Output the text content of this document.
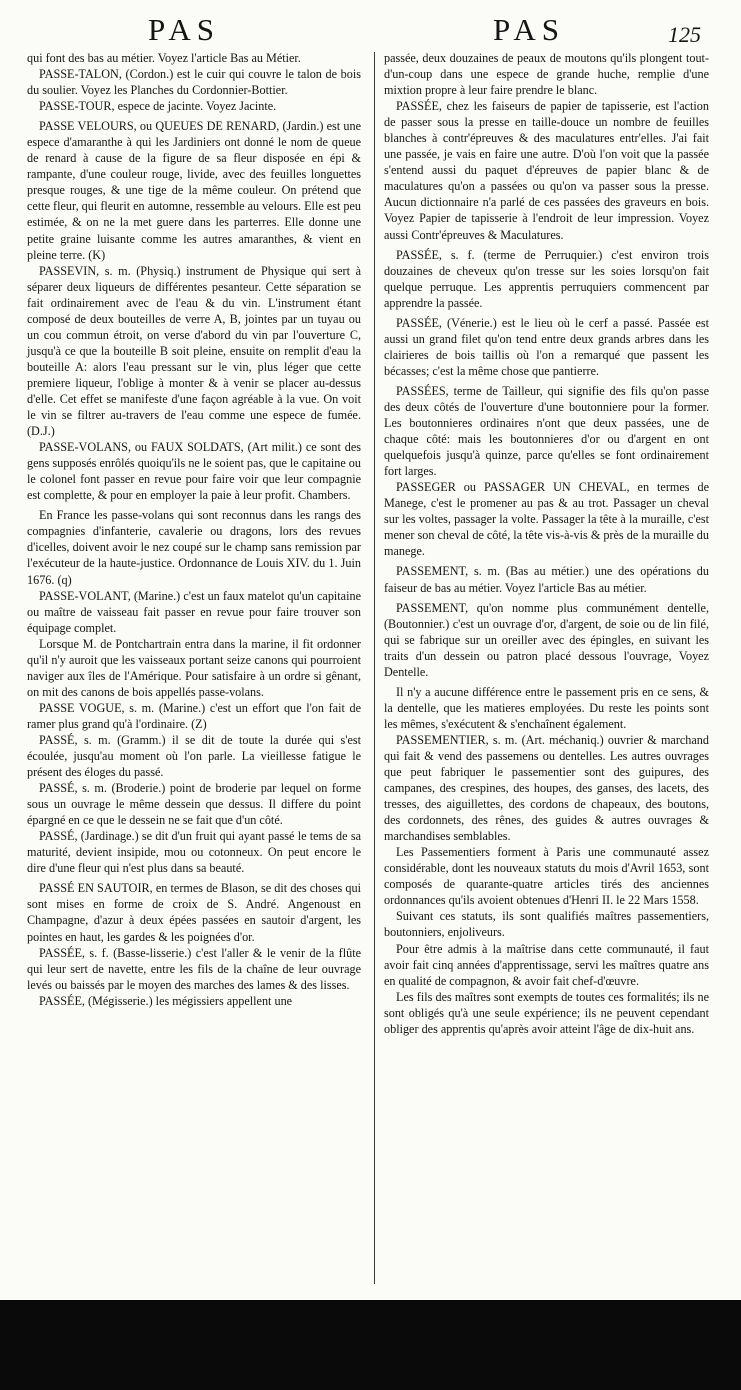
PAS	PAS	125

qui font des bas au métier. Voyez l'article Bas au Métier.

PASSE-TALON, (Cordon.) est le cuir qui couvre le talon de bois du soulier. Voyez les Planches du Cordonnier-Bottier.

PASSE-TOUR, espece de jacinte. Voyez Jacinte.

PASSE VELOURS, ou QUEUES DE RENARD, (Jardin.) est une espece d'amaranthe à qui les Jardiniers ont donné le nom de queue de renard à cause de la figure de sa fleur disposée en épi & rampante, d'une couleur rouge, livide, avec des feuilles longuettes presque rouges, & une tige de la même couleur. On prétend que cette fleur, qui fleurit en automne, ressemble au velours. Elle est peu estimée, & on ne la met guere dans les parterres. Elle donne une petite graine luisante comme les autres amaranthes, & vient en pleine terre. (K)

PASSEVIN, s. m. (Physiq.) instrument de Physique qui sert à séparer deux liqueurs de différentes pesanteur. Cette séparation se fait ordinairement avec de l'eau & du vin. L'instrument étant composé de deux bouteilles de verre A, B, jointes par un tuyau ou un cou commun étroit, on verse d'abord du vin par l'ouverture C, jusqu'à ce que la bouteille B soit pleine, ensuite on remplit d'eau la bouteille A: alors l'eau pressant sur le vin, plus léger que cette premiere liqueur, l'oblige à monter & à venir se placer au-dessus d'elle. Cet effet se manifeste d'une façon agréable à la vue. On voit le vin se filtrer au-travers de l'eau comme une espece de fumée. (D.J.)

PASSE-VOLANS, ou FAUX SOLDATS, (Art milit.) ce sont des gens supposés enrôlés quoiqu'ils ne le soient pas, que le capitaine ou le colonel font passer en revue pour faire voir que leur compagnie est complette, & pour en employer la paie à leur profit. Chambers.

En France les passe-volans qui sont reconnus dans les rangs des compagnies d'infanterie, cavalerie ou dragons, lors des revues d'icelles, doivent avoir le nez coupé sur le champ sans remission par l'exécuteur de la haute-justice. Ordonnance de Louis XIV. du 1. Juin 1676. (q)

PASSE-VOLANT, (Marine.) c'est un faux matelot qu'un capitaine ou maître de vaisseau fait passer en revue pour faire trouver son équipage complet.

Lorsque M. de Pontchartrain entra dans la marine, il fit ordonner qu'il n'y auroit que les vaisseaux portant seize canons qui pourroient naviger aux îles de l'Amérique. Pour satisfaire à un ordre si gênant, on mit des canons de bois appellés passe-volans.

PASSE VOGUE, s. m. (Marine.) c'est un effort que l'on fait de ramer plus grand qu'à l'ordinaire. (Z)

PASSÉ, s. m. (Gramm.) il se dit de toute la durée qui s'est écoulée, jusqu'au moment où l'on parle. La vieillesse fatigue le présent des éloges du passé.

PASSÉ, s. m. (Broderie.) point de broderie par lequel on forme sous un ouvrage le même dessein que dessus. Il differe du point épargné en ce que le dessein ne se fait que d'un côté.

PASSÉ, (Jardinage.) se dit d'un fruit qui ayant passé le tems de sa maturité, devient insipide, mou ou cotonneux. On peut encore le dire d'une fleur qui n'est plus dans sa beauté.

PASSÉ EN SAUTOIR, en termes de Blason, se dit des choses qui sont mises en forme de croix de S. André. Angenoust en Champagne, d'azur à deux épées passées en sautoir d'argent, les pointes en haut, les gardes & les poignées d'or.

PASSÉE, s. f. (Basse-lisserie.) c'est l'aller & le venir de la flûte qui leur sert de navette, entre les fils de la chaîne de leur ouvrage levés ou baissés par le moyen des marches des lames & des lisses.

PASSÉE, (Mégisserie.) les mégissiers appellent une

passée, deux douzaines de peaux de moutons qu'ils plongent tout-d'un-coup dans une espece de grande huche, remplie d'une mixtion propre à leur faire prendre le blanc.

PASSÉE, chez les faiseurs de papier de tapisserie, est l'action de passer sous la presse en taille-douce un nombre de feuilles blanches à contr'épreuves & des maculatures entr'elles. J'ai fait une passée, je vais en faire une autre. D'où l'on voit que la passée s'entend aussi du paquet d'épreuves de papier blanc & de maculatures qu'on a passées ou qu'on va passer sous la presse. Aucun dictionnaire n'a parlé de ces passées des graveurs en bois. Voyez Papier de tapisserie à l'endroit de leur impression. Voyez aussi Contr'épreuves & Maculatures.

PASSÉE, s. f. (terme de Perruquier.) c'est environ trois douzaines de cheveux qu'on tresse sur les soies lorsqu'on fait quelque perruque. Les apprentis perruquiers commencent par apprendre la passée.

PASSÉE, (Vénerie.) est le lieu où le cerf a passé. Passée est aussi un grand filet qu'on tend entre deux grands arbres dans les clairieres de bois taillis où l'on a remarqué que passent les bécasses; c'est la même chose que pantierre.

PASSÉES, terme de Tailleur, qui signifie des fils qu'on passe des deux côtés de l'ouverture d'une boutonniere pour la former. Les boutonnieres ordinaires n'ont que deux passées, une de chaque côté: mais les boutonnieres d'or ou d'argent en ont quelquefois jusqu'à quinze, parce qu'elles se font ordinairement fort larges.

PASSEGER ou PASSAGER UN CHEVAL, en termes de Manege, c'est le promener au pas & au trot. Passager un cheval sur les voltes, passager la volte. Passager la tête à la muraille, c'est mener son cheval de côté, la tête vis-à-vis & près de la muraille du manege.

PASSEMENT, s. m. (Bas au métier.) une des opérations du faiseur de bas au métier. Voyez l'article Bas au métier.

PASSEMENT, qu'on nomme plus communément dentelle, (Boutonnier.) c'est un ouvrage d'or, d'argent, de soie ou de lin filé, qui se fabrique sur un oreiller avec des épingles, en suivant les traits d'un dessein ou patron placé dessous l'ouvrage, Voyez Dentelle.

Il n'y a aucune différence entre le passement pris en ce sens, & la dentelle, que les matieres employées. Du reste les points sont les mêmes, s'exécutent & s'enchaînent également.

PASSEMENTIER, s. m. (Art. méchaniq.) ouvrier & marchand qui fait & vend des passemens ou dentelles. Les autres ouvrages que peut fabriquer le passementier sont des guipures, des campanes, des crespines, des houpes, des ganses, des lacets, des tresses, des aiguillettes, des cordons de chapeaux, des boutons, des cordonnets, des rênes, des guides & autres ouvrages & marchandises semblables.

Les Passementiers forment à Paris une communauté assez considérable, dont les nouveaux statuts du mois d'Avril 1653, sont composés de quarante-quatre articles tirés des anciennes ordonnances qu'ils avoient obtenues d'Henri II. le 22 Mars 1558.

Suivant ces statuts, ils sont qualifiés maîtres passementiers, boutonniers, enjoliveurs.

Pour être admis à la maîtrise dans cette communauté, il faut avoir fait cinq années d'apprentissage, servi les maîtres quatre ans en qualité de compagnon, & avoir fait chef-d'œuvre.

Les fils des maîtres sont exempts de toutes ces formalités; ils ne sont obligés qu'à une seule expérience; ils ne peuvent cependant obliger des apprentis qu'après avoir atteint l'âge de dix-huit ans.
